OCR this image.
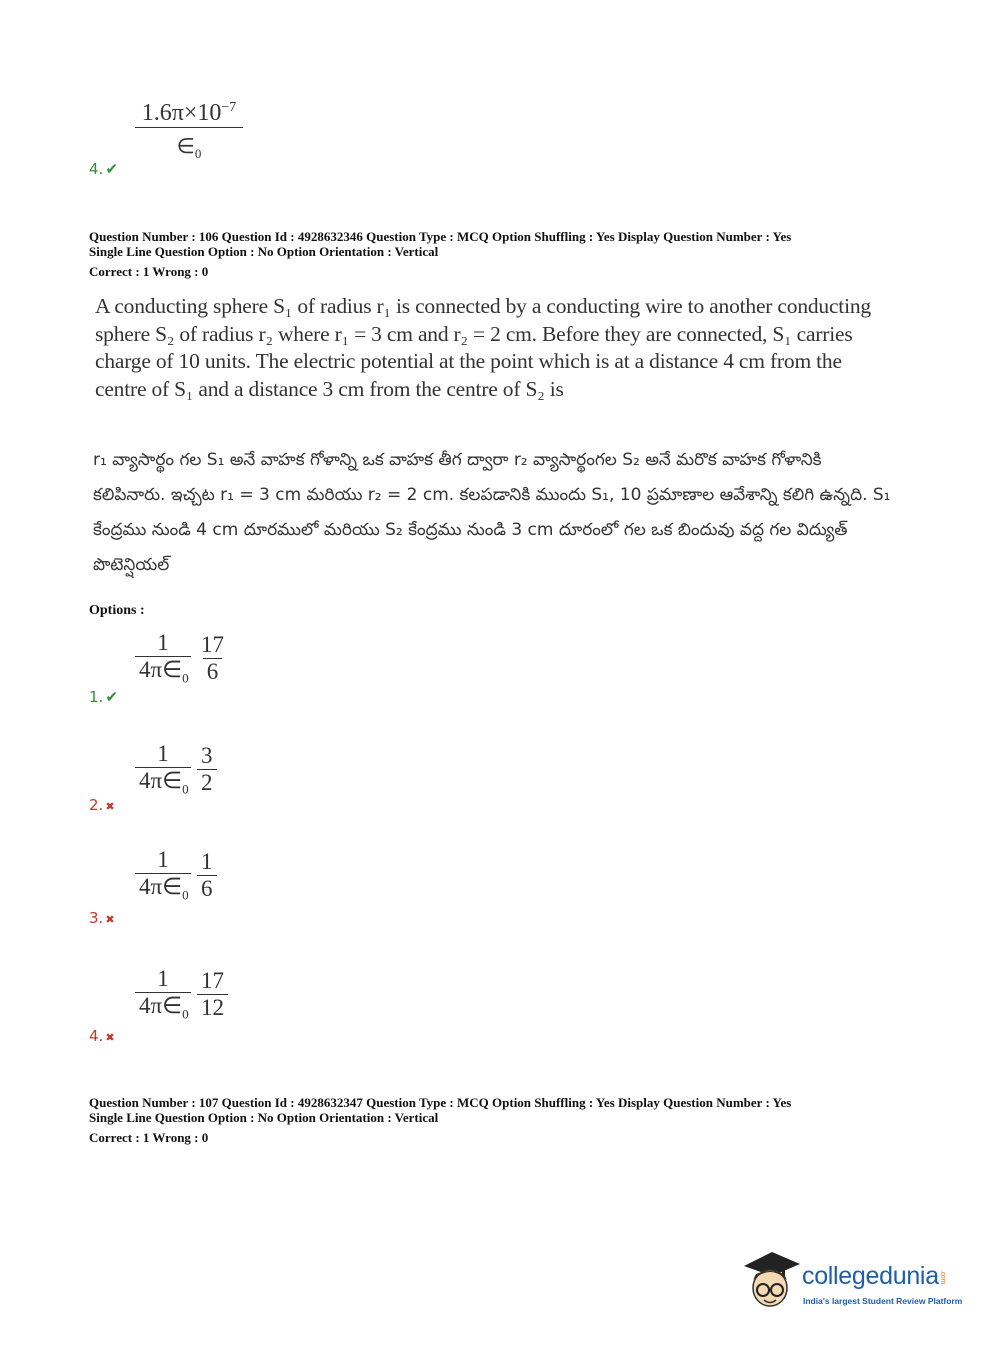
$\frac{1.6\pi\times 10^{-7}}{\in_0}$
4. ✔
Question Number : 106 Question Id : 4928632346 Question Type : MCQ Option Shuffling : Yes Display Question Number : Yes
Single Line Question Option : No Option Orientation : Vertical
Correct : 1 Wrong : 0
A conducting sphere S₁ of radius r₁ is connected by a conducting wire to another conducting sphere S₂ of radius r₂ where r₁ = 3 cm and r₂ = 2 cm. Before they are connected, S₁ carries charge of 10 units. The electric potential at the point which is at a distance 4 cm from the centre of S₁ and a distance 3 cm from the centre of S₂ is
r₁ వ్యాసార్థం గల S₁ అనే వాహక గోళాన్ని ఒక వాహక తీగ ద్వారా r₂ వ్యాసార్థంగల S₂ అనే మరొక వాహక గోళానికి కలిపినారు. ఇచ్చట r₁ = 3 cm మరియు r₂ = 2 cm. కలపడానికి ముందు S₁, 10 ప్రమాణాల ఆవేశాన్ని కలిగి ఉన్నది. S₁ కేంద్రము నుండి 4 cm దూరములో మరియు S₂ కేంద్రము నుండి 3 cm దూరంలో గల ఒక బిందువు వద్ద గల విద్యుత్ పొటెన్షియల్
Options :
$\frac{1}{4\pi\in_0} \frac{17}{6}$
1. ✔
$\frac{1}{4\pi\in_0} \frac{3}{2}$
2. ✖
$\frac{1}{4\pi\in_0} \frac{1}{6}$
3. ✖
$\frac{1}{4\pi\in_0} \frac{17}{12}$
4. ✖
Question Number : 107 Question Id : 4928632347 Question Type : MCQ Option Shuffling : Yes Display Question Number : Yes
Single Line Question Option : No Option Orientation : Vertical
Correct : 1 Wrong : 0
collegedunia.com
India's largest Student Review Platform
